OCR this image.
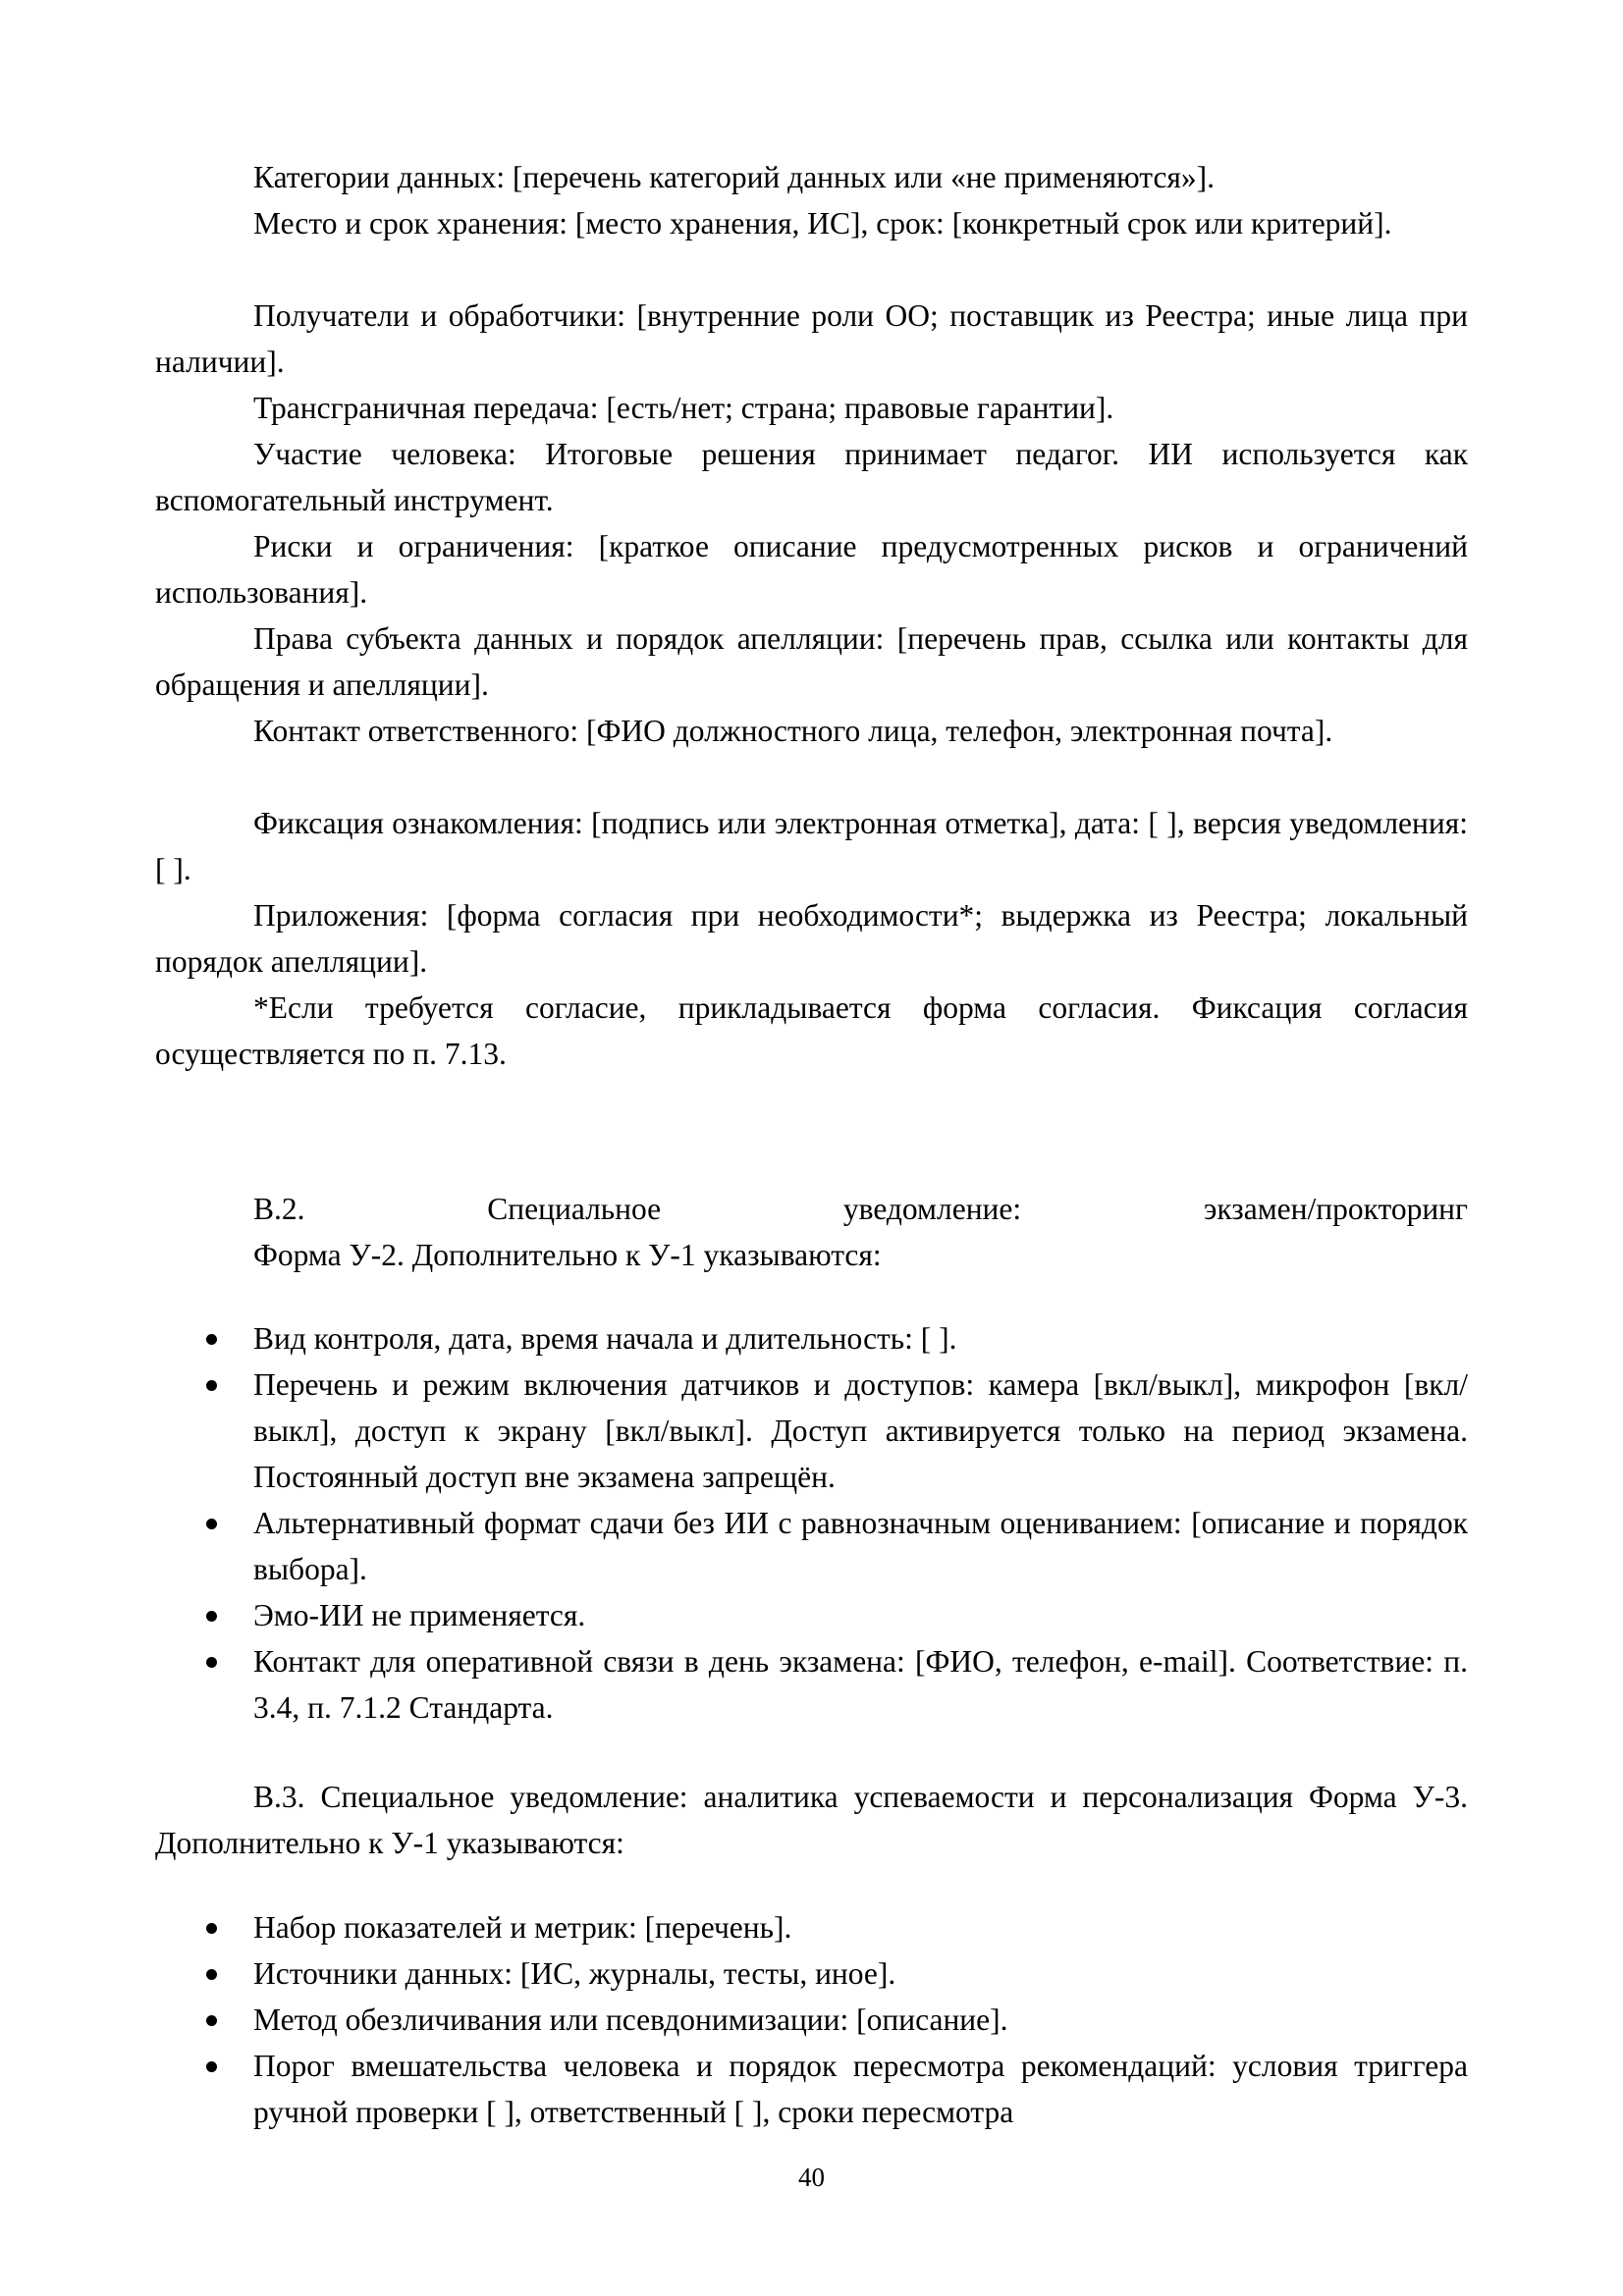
Категории данных: [перечень категорий данных или «не применяются»].

Место и срок хранения: [место хранения, ИС], срок: [конкретный срок или критерий].

Получатели и обработчики: [внутренние роли ОО; поставщик из Реестра; иные лица при наличии].

Трансграничная передача: [есть/нет; страна; правовые гарантии].

Участие человека: Итоговые решения принимает педагог. ИИ используется как вспомогательный инструмент.

Риски и ограничения: [краткое описание предусмотренных рисков и ограничений использования].

Права субъекта данных и порядок апелляции: [перечень прав, ссылка или контакты для обращения и апелляции].

Контакт ответственного: [ФИО должностного лица, телефон, электронная почта].

Фиксация ознакомления: [подпись или электронная отметка], дата: [ ], версия уведомления: [ ].

Приложения: [форма согласия при необходимости*; выдержка из Реестра; локальный порядок апелляции].

*Если требуется согласие, прикладывается форма согласия. Фиксация согласия осуществляется по п. 7.13.

В.2.	Специальное	уведомление:	экзамен/прокторинг
Форма У-2. Дополнительно к У-1 указываются:
Вид контроля, дата, время начала и длительность: [ ].
Перечень и режим включения датчиков и доступов: камера [вкл/выкл], микрофон [вкл/выкл], доступ к экрану [вкл/выкл]. Доступ активируется только на период экзамена. Постоянный доступ вне экзамена запрещён.
Альтернативный формат сдачи без ИИ с равнозначным оцениванием: [описание и порядок выбора].
Эмо-ИИ не применяется.
Контакт для оперативной связи в день экзамена: [ФИО, телефон, e-mail]. Соответствие: п. 3.4, п. 7.1.2 Стандарта.

В.3. Специальное уведомление: аналитика успеваемости и персонализация Форма У-3. Дополнительно к У-1 указываются:

Набор показателей и метрик: [перечень].
Источники данных: [ИС, журналы, тесты, иное].
Метод обезличивания или псевдонимизации: [описание].
Порог вмешательства человека и порядок пересмотра рекомендаций: условия триггера ручной проверки [ ], ответственный [ ], сроки пересмотра
40
